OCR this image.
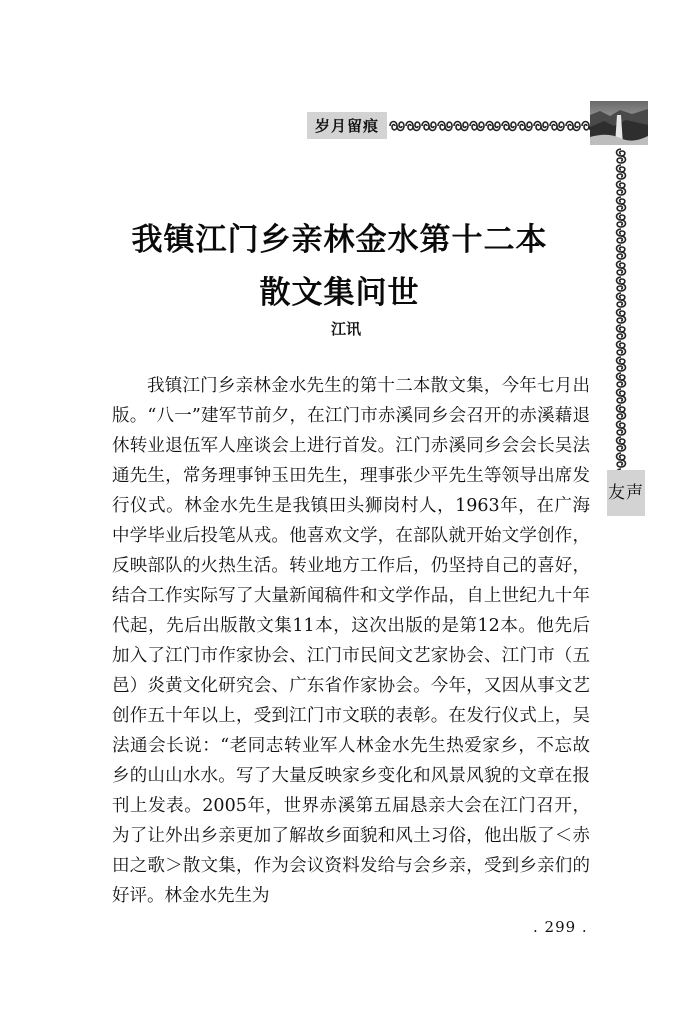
岁月留痕
友声
我镇江门乡亲林金水第十二本
散文集问世
江讯

我镇江门乡亲林金水先生的第十二本散文集，今年七月出版。“八一”建军节前夕，在江门市赤溪同乡会召开的赤溪藉退休转业退伍军人座谈会上进行首发。江门赤溪同乡会会长吴法通先生，常务理事钟玉田先生，理事张少平先生等领导出席发行仪式。林金水先生是我镇田头狮岗村人，1963年，在广海中学毕业后投笔从戎。他喜欢文学，在部队就开始文学创作，反映部队的火热生活。转业地方工作后，仍坚持自己的喜好，结合工作实际写了大量新闻稿件和文学作品，自上世纪九十年代起，先后出版散文集11本，这次出版的是第12本。他先后加入了江门市作家协会、江门市民间文艺家协会、江门市（五邑）炎黄文化研究会、广东省作家协会。今年，又因从事文艺创作五十年以上，受到江门市文联的表彰。在发行仪式上，吴法通会长说：“老同志转业军人林金水先生热爱家乡，不忘故乡的山山水水。写了大量反映家乡变化和风景风貌的文章在报刊上发表。2005年，世界赤溪第五届恳亲大会在江门召开，为了让外出乡亲更加了解故乡面貌和风土习俗，他出版了＜赤田之歌＞散文集，作为会议资料发给与会乡亲，受到乡亲们的好评。林金水先生为

. 299 .
